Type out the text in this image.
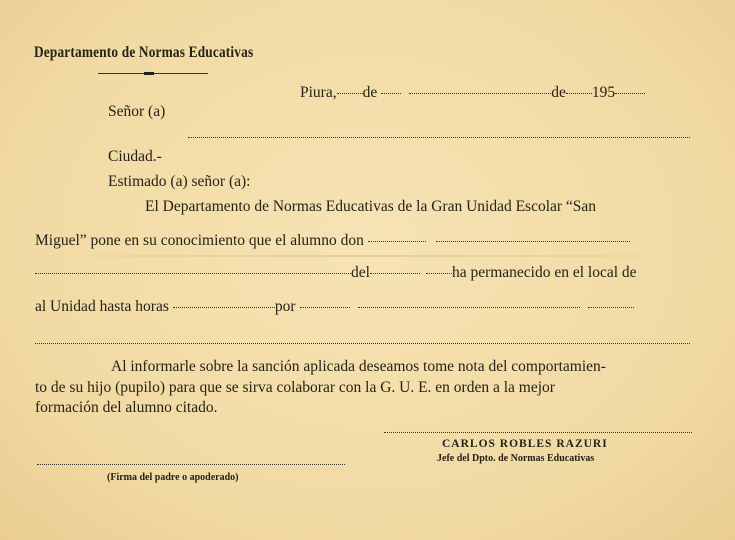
Departamento de Normas Educativas
Piura, de	de 195
Señor (a)
Ciudad.-
Estimado (a) señor (a):
El Departamento de Normas Educativas de la Gran Unidad Escolar “San
Miguel” pone en su conocimiento que el alumno don
del	ha permanecido en el local de
al Unidad hasta horas	por
Al informarle sobre la sanción aplicada deseamos tome nota del comportamien-
to de su hijo (pupilo) para que se sirva colaborar con la G. U. E. en orden a la mejor
formación del alumno citado.
CARLOS ROBLES RAZURI
Jefe del Dpto. de Normas Educativas
(Firma del padre o apoderado)
